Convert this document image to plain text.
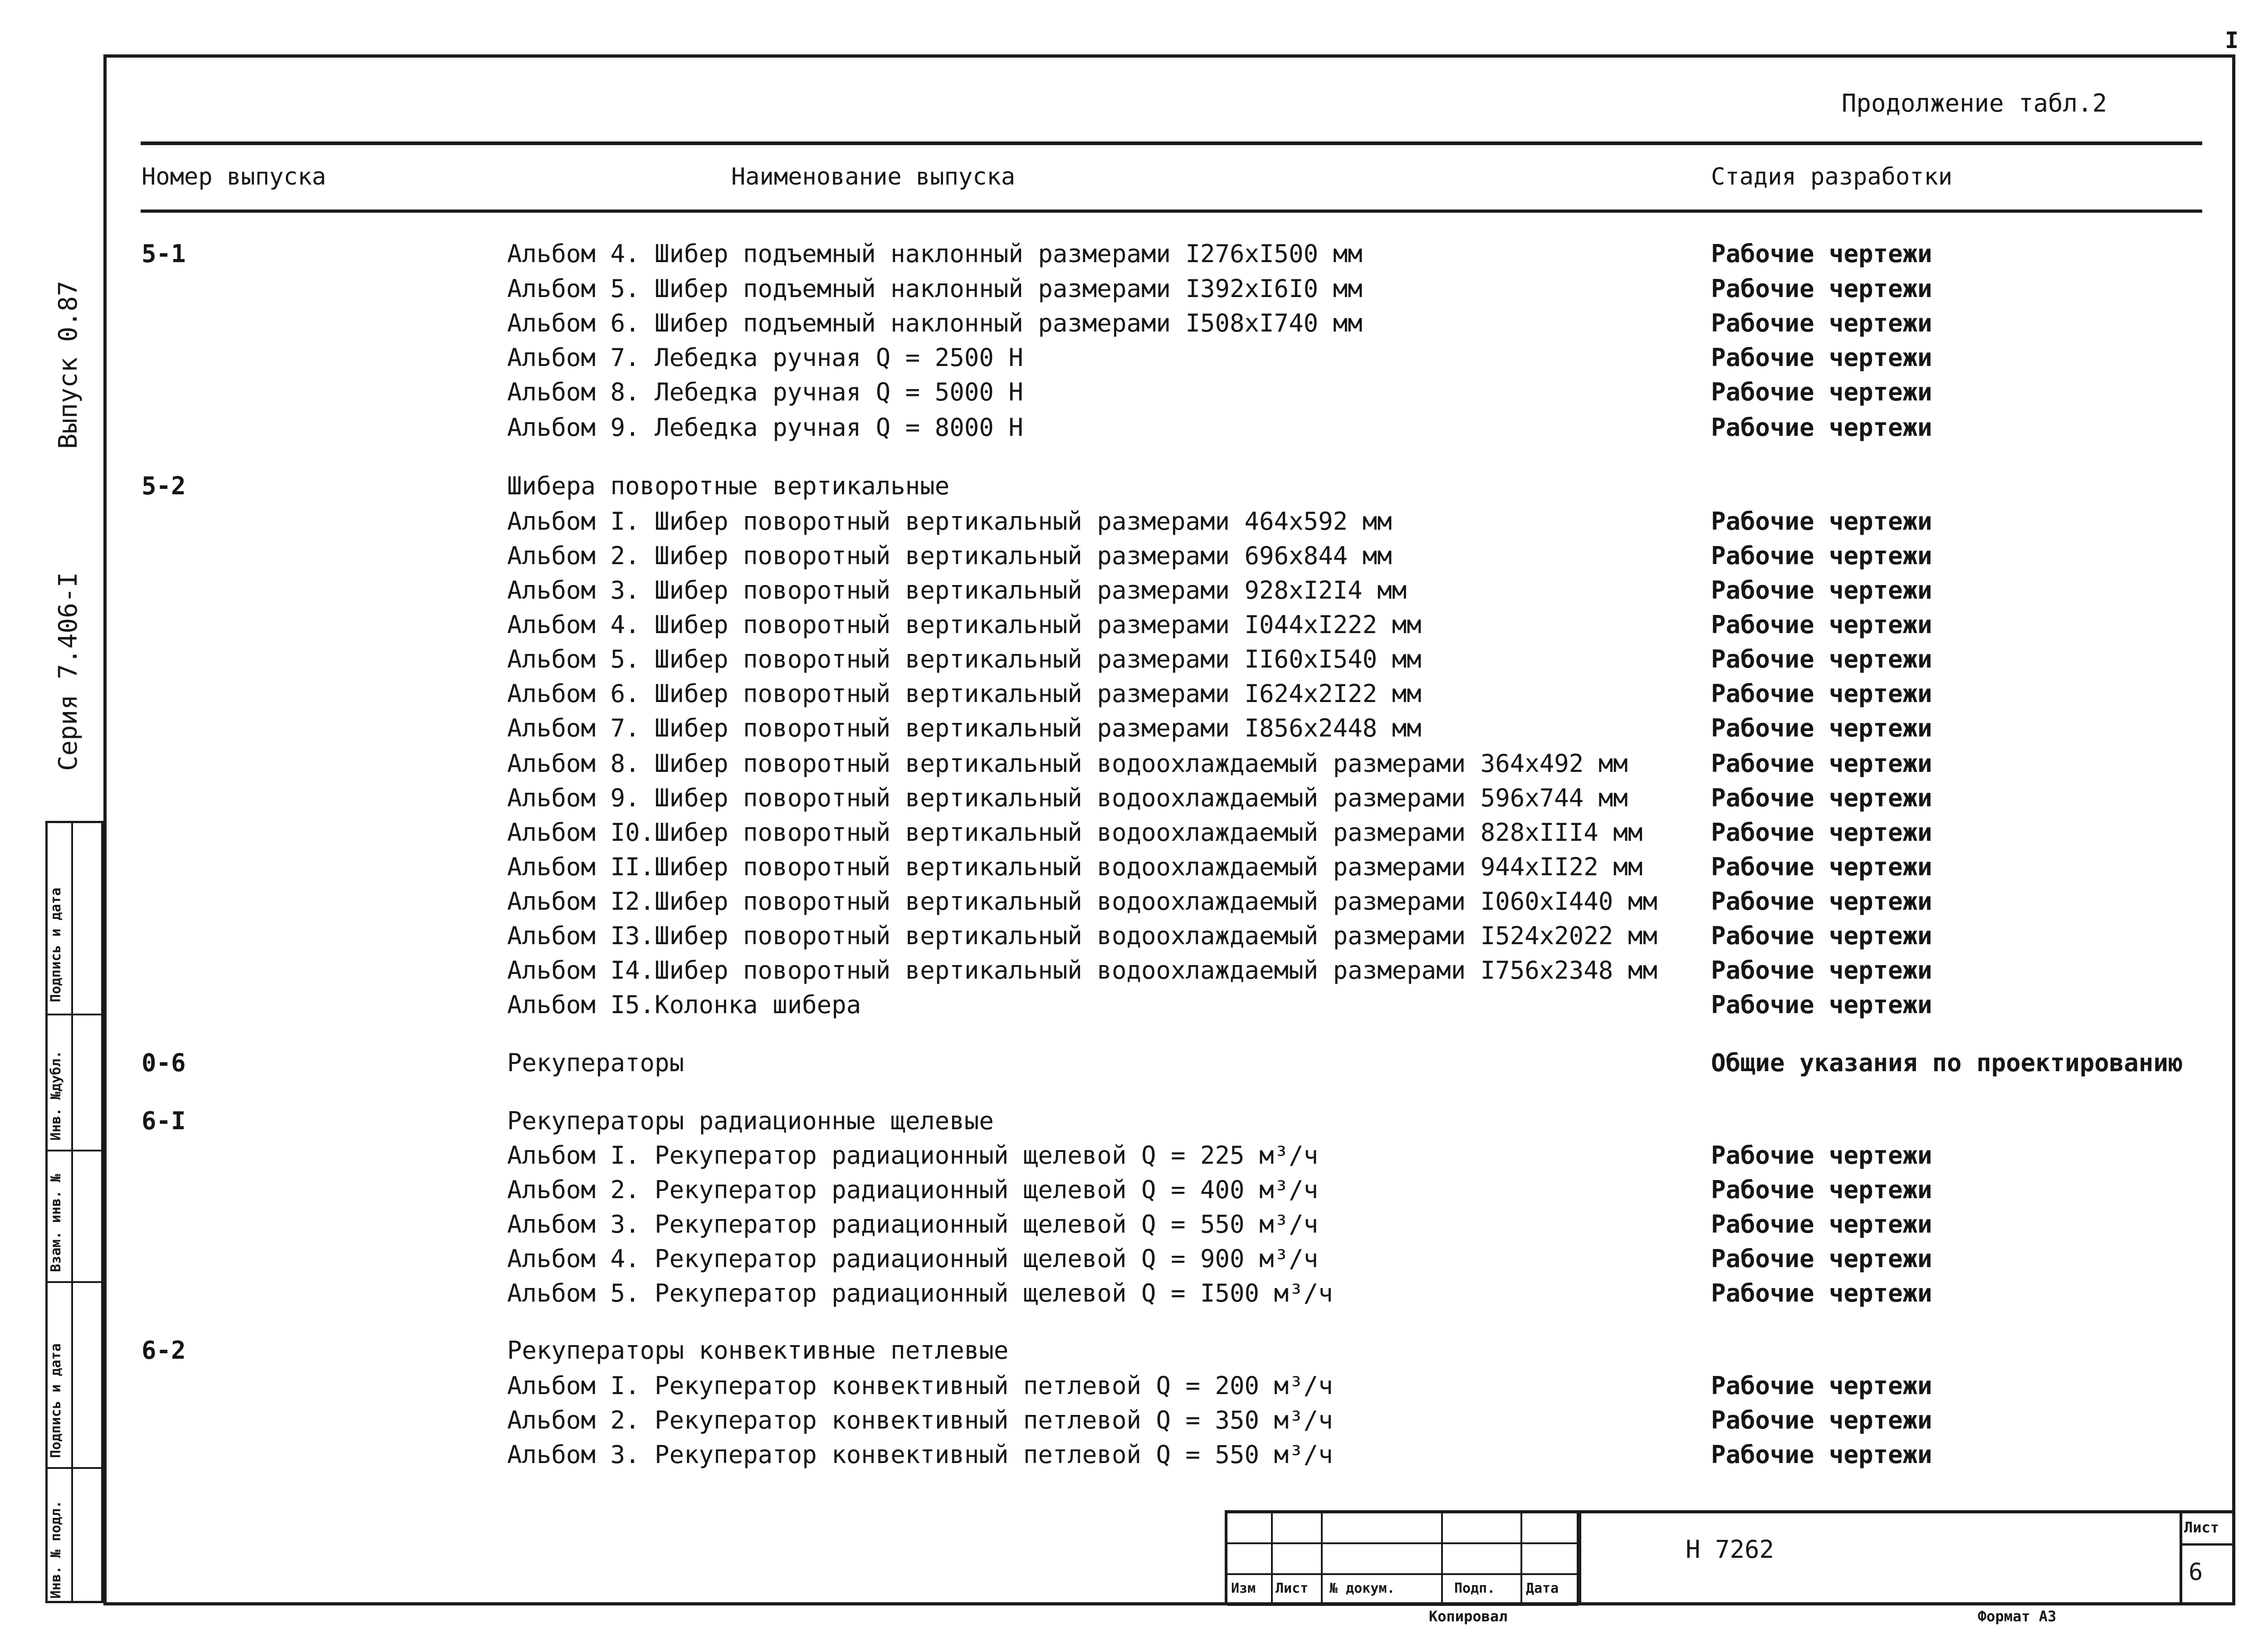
Выпуск 0.87
Серия 7.406-I
Инв. № подл.
Подпись и дата
Взам. инв. №
Инв. №дубл.
Подпись и дата
Продолжение табл.2
I
Номер выпуска	Наименование выпуска	Стадия разработки
5-1	Альбом 4. Шибер подъемный наклонный размерами I276xI500 мм	Рабочие чертежи
Альбом 5. Шибер подъемный наклонный размерами I392xI6I0 мм	Рабочие чертежи
Альбом 6. Шибер подъемный наклонный размерами I508xI740 мм	Рабочие чертежи
Альбом 7. Лебедка ручная Q = 2500 Н	Рабочие чертежи
Альбом 8. Лебедка ручная Q = 5000 Н	Рабочие чертежи
Альбом 9. Лебедка ручная Q = 8000 Н	Рабочие чертежи
5-2	Шибера поворотные вертикальные
Альбом I. Шибер поворотный вертикальный размерами 464x592 мм	Рабочие чертежи
Альбом 2. Шибер поворотный вертикальный размерами 696x844 мм	Рабочие чертежи
Альбом 3. Шибер поворотный вертикальный размерами 928xI2I4 мм	Рабочие чертежи
Альбом 4. Шибер поворотный вертикальный размерами I044xI222 мм	Рабочие чертежи
Альбом 5. Шибер поворотный вертикальный размерами II60xI540 мм	Рабочие чертежи
Альбом 6. Шибер поворотный вертикальный размерами I624x2I22 мм	Рабочие чертежи
Альбом 7. Шибер поворотный вертикальный размерами I856x2448 мм	Рабочие чертежи
Альбом 8. Шибер поворотный вертикальный водоохлаждаемый размерами 364x492 мм	Рабочие чертежи
Альбом 9. Шибер поворотный вертикальный водоохлаждаемый размерами 596x744 мм	Рабочие чертежи
Альбом I0.Шибер поворотный вертикальный водоохлаждаемый размерами 828xIII4 мм	Рабочие чертежи
Альбом II.Шибер поворотный вертикальный водоохлаждаемый размерами 944xII22 мм	Рабочие чертежи
Альбом I2.Шибер поворотный вертикальный водоохлаждаемый размерами I060xI440 мм Рабочие чертежи
Альбом I3.Шибер поворотный вертикальный водоохлаждаемый размерами I524x2022 мм Рабочие чертежи
Альбом I4.Шибер поворотный вертикальный водоохлаждаемый размерами I756x2348 мм Рабочие чертежи
Альбом I5.Колонка шибера	Рабочие чертежи
0-6	Рекуператоры	Общие указания по проектированию
6-I	Рекуператоры радиационные щелевые
Альбом I. Рекуператор радиационный щелевой Q = 225 м³/ч	Рабочие чертежи
Альбом 2. Рекуператор радиационный щелевой Q = 400 м³/ч	Рабочие чертежи
Альбом 3. Рекуператор радиационный щелевой Q = 550 м³/ч	Рабочие чертежи
Альбом 4. Рекуператор радиационный щелевой Q = 900 м³/ч	Рабочие чертежи
Альбом 5. Рекуператор радиационный щелевой Q = I500 м³/ч	Рабочие чертежи
6-2	Рекуператоры конвективные петлевые
Альбом I. Рекуператор конвективный петлевой Q = 200 м³/ч	Рабочие чертежи
Альбом 2. Рекуператор конвективный петлевой Q = 350 м³/ч	Рабочие чертежи
Альбом 3. Рекуператор конвективный петлевой Q = 550 м³/ч	Рабочие чертежи
Изм Лист № докум.	Подп. Дата
Н 7262
Лист
6
Копировал	Формат А3
